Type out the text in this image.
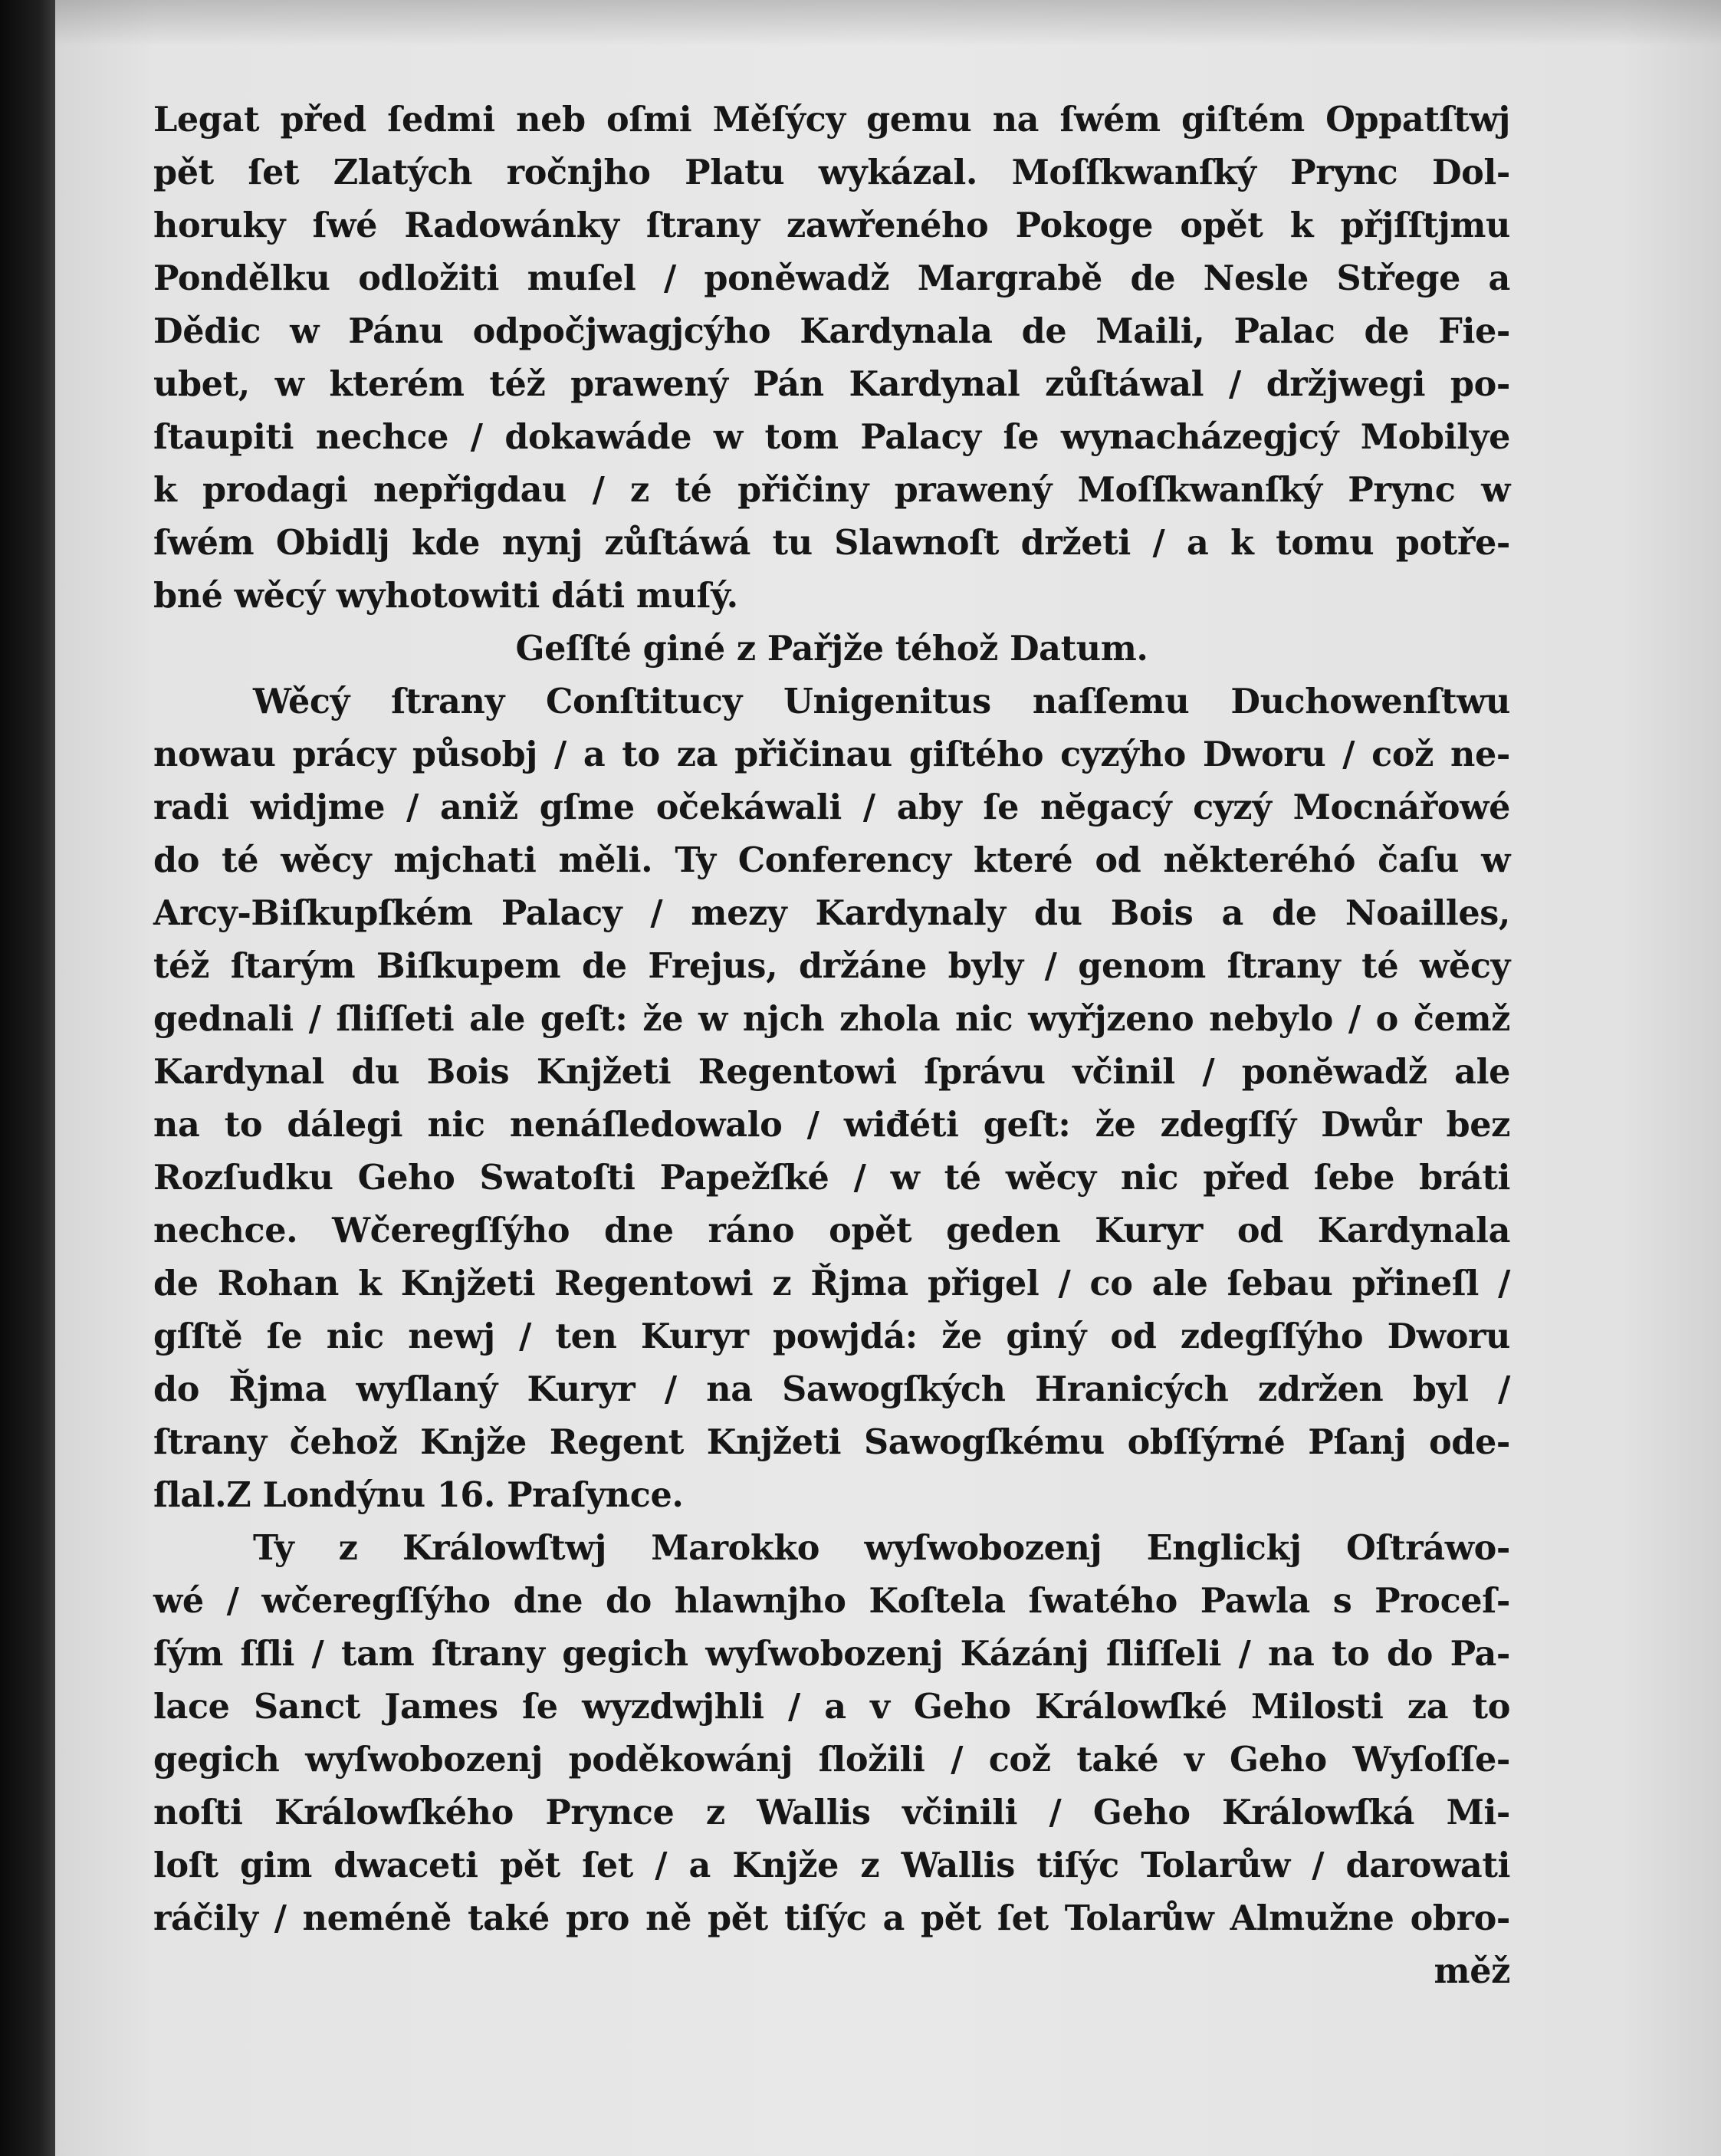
Legat před ſedmi neb oſmi Měſýcy gemu na ſwém giſtém Oppatſtwj
pět ſet Zlatých ročnjho Platu wykázal. Moſſkwanſký Prync Dol-
horuky ſwé Radowánky ſtrany zawřeného Pokoge opět k přjſſtjmu
Pondělku odložiti muſel / poněwadž Margrabě de Nesle Střege a
Dědic w Pánu odpočjwagjcýho Kardynala de Maili, Palac de Fie-
ubet, w kterém též prawený Pán Kardynal zůſtáwal / držjwegi po-
ſtaupiti nechce / dokawáde w tom Palacy ſe wynacházegjcý Mobilye
k prodagi nepřigdau / z té přičiny prawený Moſſkwanſký Prync w
ſwém Obidlj kde nynj zůſtáwá tu Slawnoſt držeti / a k tomu potře-
bné wěcý wyhotowiti dáti muſý.
Geſſté giné z Pařjže téhož Datum.
Wěcý ſtrany Conſtitucy Unigenitus naſſemu Duchowenſtwu
nowau prácy působj / a to za přičinau giſtého cyzýho Dworu / což ne-
radi widjme / aniž gſme očekáwali / aby ſe nĕgacý cyzý Mocnářowé
do té wěcy mjchati měli. Ty Conferency které od některéhó čaſu w
Arcy-Biſkupſkém Palacy / mezy Kardynaly du Bois a de Noailles,
též ſtarým Biſkupem de Frejus, držáne byly / genom ſtrany té wěcy
gednali / ſliſſeti ale geſt: že w njch zhola nic wyřjzeno nebylo / o čemž
Kardynal du Bois Knjžeti Regentowi ſprávu včinil / ponĕwadž ale
na to dálegi nic nenáſledowalo / wiđéti geſt: že zdegſſý Dwůr bez
Rozſudku Geho Swatoſti Papežſké / w té wěcy nic před ſebe bráti
nechce. Wčeregſſýho dne ráno opět geden Kuryr od Kardynala
de Rohan k Knjžeti Regentowi z Řjma přigel / co ale ſebau přineſl /
gſſtě ſe nic newj / ten Kuryr powjdá: že giný od zdegſſýho Dworu
do Řjma wyſlaný Kuryr / na Sawogſkých Hranicých zdržen byl /
ſtrany čehož Knjže Regent Knjžeti Sawogſkému obſſýrné Pſanj ode-
ſlal. Z Londýnu 16. Praſynce.
Ty z Králowſtwj Marokko wyſwobozenj Englickj Oſtráwo-
wé / wčeregſſýho dne do hlawnjho Koſtela ſwatého Pawla s Proceſ-
ſým ſſli / tam ſtrany gegich wyſwobozenj Kázánj ſliſſeli / na to do Pa-
lace Sanct James ſe wyzdwjhli / a v Geho Králowſké Milosti za to
gegich wyſwobozenj poděkowánj ſložili / což také v Geho Wyſoſſe-
noſti Králowſkého Prynce z Wallis včinili / Geho Králowſká Mi-
loſt gim dwaceti pět ſet / a Knjže z Wallis tiſýc Tolarůw / darowati
ráčily / neméně také pro ně pět tiſýc a pět ſet Tolarůw Almužne obro-
měž
